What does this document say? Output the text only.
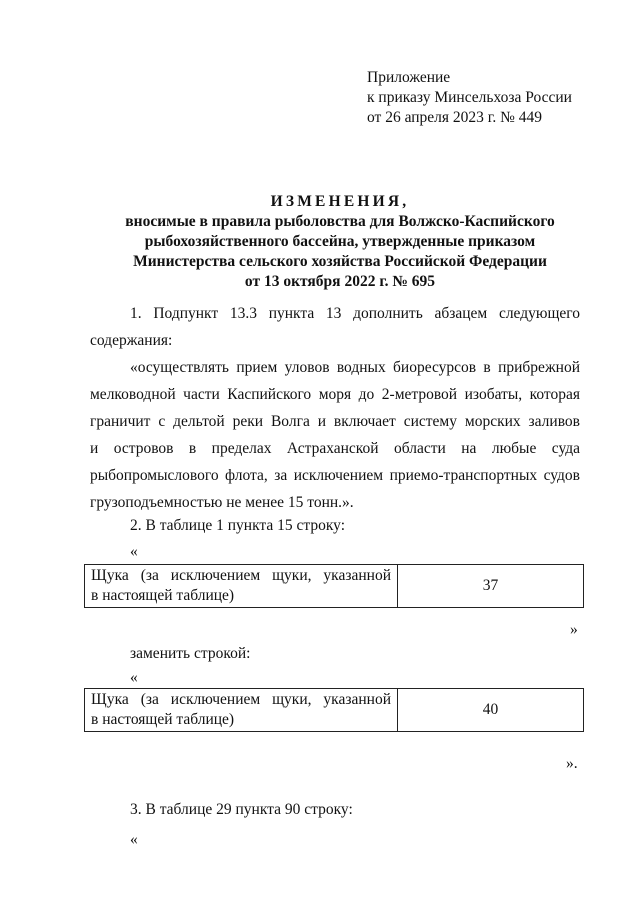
Приложение
к приказу Минсельхоза России
от 26 апреля 2023 г. № 449
ИЗМЕНЕНИЯ,
вносимые в правила рыболовства для Волжско-Каспийского
рыбохозяйственного бассейна, утвержденные приказом
Министерства сельского хозяйства Российской Федерации
от 13 октября 2022 г. № 695
1. Подпункт 13.3 пункта 13 дополнить абзацем следующего
содержания:
«осуществлять прием уловов водных биоресурсов в прибрежной
мелководной части Каспийского моря до 2-метровой изобаты, которая
граничит с дельтой реки Волга и включает систему морских заливов
и островов в пределах Астраханской области на любые суда
рыбопромыслового флота, за исключением приемо-транспортных судов
грузоподъемностью не менее 15 тонн.».
2. В таблице 1 пункта 15 строку:
«
Щука (за исключением щуки, указанной
в настоящей таблице)
	37
»
заменить строкой:
«
Щука (за исключением щуки, указанной
в настоящей таблице)
	40
».
3. В таблице 29 пункта 90 строку:
«
